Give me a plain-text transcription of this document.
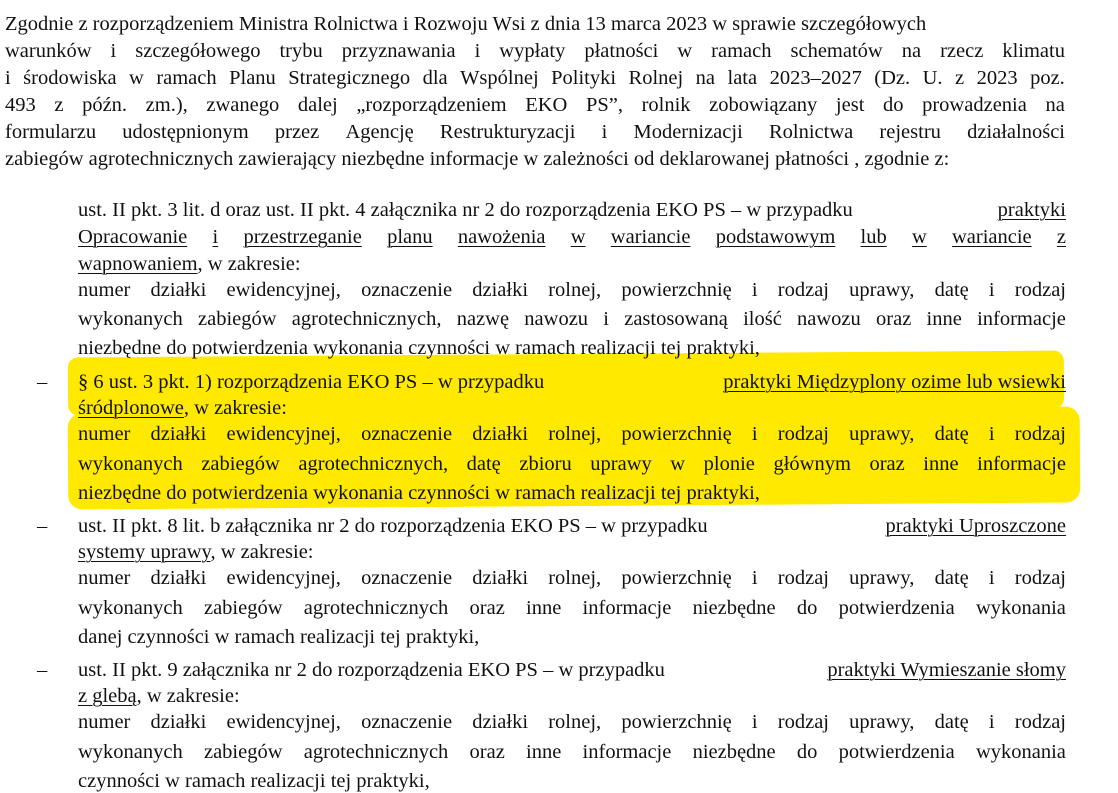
Zgodnie z rozporządzeniem Ministra Rolnictwa i Rozwoju Wsi z dnia 13 marca 2023 w sprawie szczegółowych
warunków i szczegółowego trybu przyznawania i wypłaty płatności w ramach schematów na rzecz klimatu
i środowiska w ramach Planu Strategicznego dla Wspólnej Polityki Rolnej na lata 2023–2027 (Dz. U. z 2023 poz.
493 z późn. zm.), zwanego dalej „rozporządzeniem EKO PS”, rolnik zobowiązany jest do prowadzenia na
formularzu udostępnionym przez Agencję Restrukturyzacji i Modernizacji Rolnictwa rejestru działalności
zabiegów agrotechnicznych zawierający niezbędne informacje w zależności od deklarowanej płatności , zgodnie z:
ust. II pkt. 3 lit. d oraz ust. II pkt. 4 załącznika nr 2 do rozporządzenia EKO PS – w przypadku	praktyki
Opracowanie i przestrzeganie planu nawożenia w wariancie podstawowym lub w wariancie z
wapnowaniem, w zakresie:
numer działki ewidencyjnej, oznaczenie działki rolnej, powierzchnię i rodzaj uprawy, datę i rodzaj
wykonanych zabiegów agrotechnicznych, nazwę nawozu i zastosowaną ilość nawozu oraz inne informacje
niezbędne do potwierdzenia wykonania czynności w ramach realizacji tej praktyki,
– § 6 ust. 3 pkt. 1) rozporządzenia EKO PS – w przypadku	praktyki Międzyplony ozime lub wsiewki
śródplonowe, w zakresie:
numer działki ewidencyjnej, oznaczenie działki rolnej, powierzchnię i rodzaj uprawy, datę i rodzaj
wykonanych zabiegów agrotechnicznych, datę zbioru uprawy w plonie głównym oraz inne informacje
niezbędne do potwierdzenia wykonania czynności w ramach realizacji tej praktyki,
– ust. II pkt. 8 lit. b załącznika nr 2 do rozporządzenia EKO PS – w przypadku	praktyki Uproszczone
systemy uprawy, w zakresie:
numer działki ewidencyjnej, oznaczenie działki rolnej, powierzchnię i rodzaj uprawy, datę i rodzaj
wykonanych zabiegów agrotechnicznych oraz inne informacje niezbędne do potwierdzenia wykonania
danej czynności w ramach realizacji tej praktyki,
– ust. II pkt. 9 załącznika nr 2 do rozporządzenia EKO PS – w przypadku	praktyki Wymieszanie słomy
z glebą, w zakresie:
numer działki ewidencyjnej, oznaczenie działki rolnej, powierzchnię i rodzaj uprawy, datę i rodzaj
wykonanych zabiegów agrotechnicznych oraz inne informacje niezbędne do potwierdzenia wykonania
czynności w ramach realizacji tej praktyki,
